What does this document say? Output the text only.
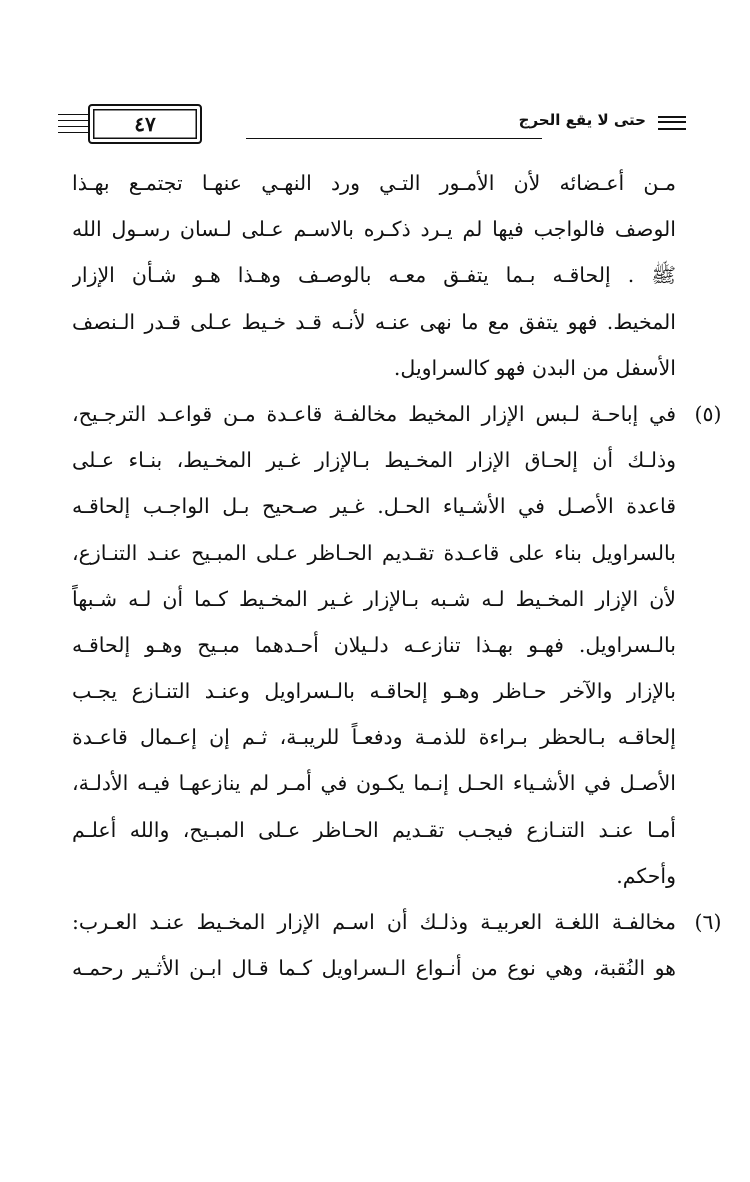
حتى لا يقع الحرج
٤٧
مـن أعـضائه لأن الأمـور التـي ورد النهـي عنهـا تجتمـع بهـذا
الوصف فالواجب فيها لم يـرد ذكـره بالاسـم عـلى لـسان رسـول الله
ﷺ . إلحاقـه بـما يتفـق معـه بالوصـف وهـذا هـو شـأن الإزار
المخيط. فهو يتفق مع ما نهى عنـه لأنـه قـد خـيط عـلى قـدر الـنصف
الأسفل من البدن فهو كالسراويل.
(٥)
في إباحـة لـبس الإزار المخيط مخالفـة قاعـدة مـن قواعـد الترجـيح،
وذلـك أن إلحـاق الإزار المخـيط بـالإزار غـير المخـيط، بنـاء عـلى
قاعدة الأصـل في الأشـياء الحـل. غـير صـحيح بـل الواجـب إلحاقـه
بالسراويل بناء على قاعـدة تقـديم الحـاظر عـلى المبـيح عنـد التنـازع،
لأن الإزار المخـيط لـه شـبه بـالإزار غـير المخـيط كـما أن لـه شـبهاً
بالـسراويل. فهـو بهـذا تنازعـه دلـيلان أحـدهما مبـيح وهـو إلحاقـه
بالإزار والآخر حـاظر وهـو إلحاقـه بالـسراويل وعنـد التنـازع يجـب
إلحاقـه بـالحظر بـراءة للذمـة ودفعـاً للريبـة، ثـم إن إعـمال قاعـدة
الأصـل في الأشـياء الحـل إنـما يكـون في أمـر لم ينازعهـا فيـه الأدلـة،
أمـا عنـد التنـازع فيجـب تقـديم الحـاظر عـلى المبـيح، والله أعلـم
وأحكم.
(٦)
مخالفـة اللغـة العربيـة وذلـك أن اسـم الإزار المخـيط عنـد العـرب:
هو النُقبة، وهي نوع من أنـواع الـسراويل كـما قـال ابـن الأثـير رحمـه
